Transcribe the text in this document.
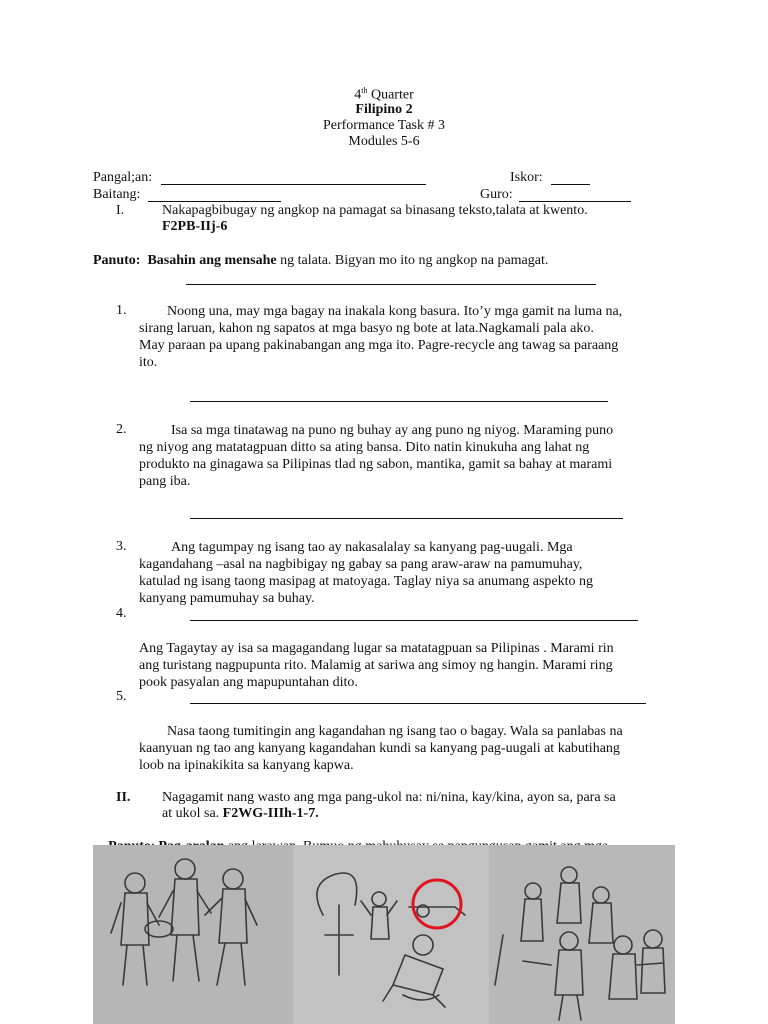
4th Quarter
Filipino 2
Performance Task # 3
Modules 5-6
Pangal;an:	Iskor:
Baitang:	Guro:
I.	Nakapagbibugay ng angkop na pamagat sa binasang teksto,talata at kwento.
F2PB-IIj-6
Panuto: Basahin ang mensahe ng talata. Bigyan mo ito ng angkop na pamagat.
1.	Noong una, may mga bagay na inakala kong basura. Ito’y mga gamit na luma na,
sirang laruan, kahon ng sapatos at mga basyo ng bote at lata.Nagkamali pala ako.
May paraan pa upang pakinabangan ang mga ito. Pagre-recycle ang tawag sa paraang
ito.
2.	Isa sa mga tinatawag na puno ng buhay ay ang puno ng niyog. Maraming puno
ng niyog ang matatagpuan ditto sa ating bansa. Dito natin kinukuha ang lahat ng
produkto na ginagawa sa Pilipinas tlad ng sabon, mantika, gamit sa bahay at marami
pang iba.
3.	Ang tagumpay ng isang tao ay nakasalalay sa kanyang pag-uugali. Mga
kagandahang –asal na nagbibigay ng gabay sa pang araw-araw na pamumuhay,
katulad ng isang taong masipag at matoyaga. Taglay niya sa anumang aspekto ng
kanyang pamumuhay sa buhay.
4.
Ang Tagaytay ay isa sa magagandang lugar sa matatagpuan sa Pilipinas . Marami rin
ang turistang nagpupunta rito. Malamig at sariwa ang simoy ng hangin. Marami ring
pook pasyalan ang mapupuntahan dito.
5.
Nasa taong tumitingin ang kagandahan ng isang tao o bagay. Wala sa panlabas na
kaanyuan ng tao ang kanyang kagandahan kundi sa kanyang pag-uugali at kabutihang
loob na ipinakikita sa kanyang kapwa.
II. Nagagamit nang wasto ang mga pang-ukol na: ni/nina, kay/kina, ayon sa, para sa
at ukol sa. F2WG-IIIh-1-7.
